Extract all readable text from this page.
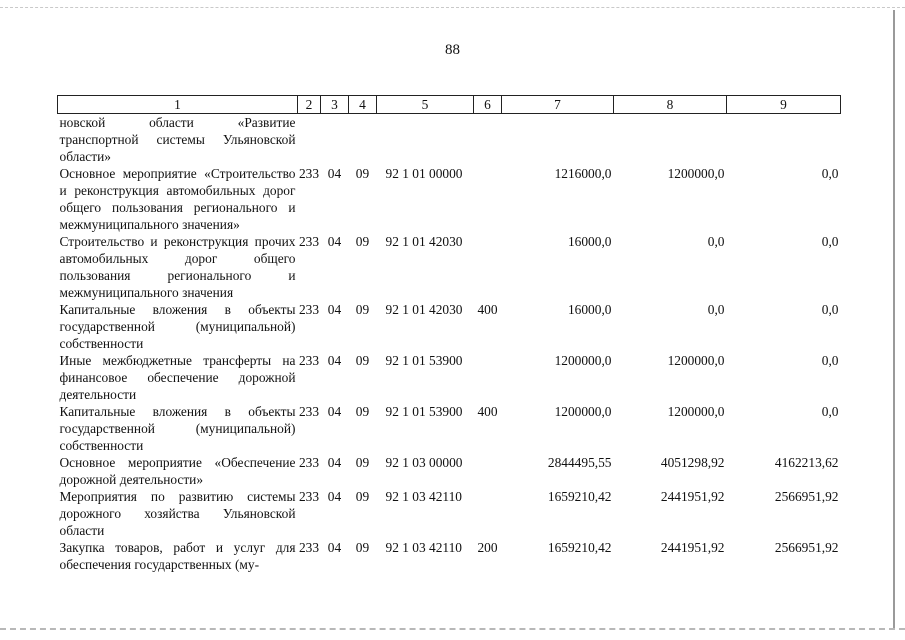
88
1	2	3	4	5	6	7	8	9
новской области «Развитие транспортной системы Ульяновской области»								
Основное мероприятие «Строительство и реконструкция автомобильных дорог общего пользования регионального и межмуниципального значения»	233	04	09	92 1 01 00000		1216000,0	1200000,0	0,0
Строительство и реконструкция прочих автомобильных дорог общего пользования регионального и межмуниципального значения	233	04	09	92 1 01 42030		16000,0	0,0	0,0
Капитальные вложения в объекты государственной (муниципальной) собственности	233	04	09	92 1 01 42030	400	16000,0	0,0	0,0
Иные межбюджетные трансферты на финансовое обеспечение дорожной деятельности	233	04	09	92 1 01 53900		1200000,0	1200000,0	0,0
Капитальные вложения в объекты государственной (муниципальной) собственности	233	04	09	92 1 01 53900	400	1200000,0	1200000,0	0,0
Основное мероприятие «Обеспечение дорожной деятельности»	233	04	09	92 1 03 00000		2844495,55	4051298,92	4162213,62
Мероприятия по развитию системы дорожного хозяйства Ульяновской области	233	04	09	92 1 03 42110		1659210,42	2441951,92	2566951,92
Закупка товаров, работ и услуг для обеспечения государственных (му-	233	04	09	92 1 03 42110	200	1659210,42	2441951,92	2566951,92
